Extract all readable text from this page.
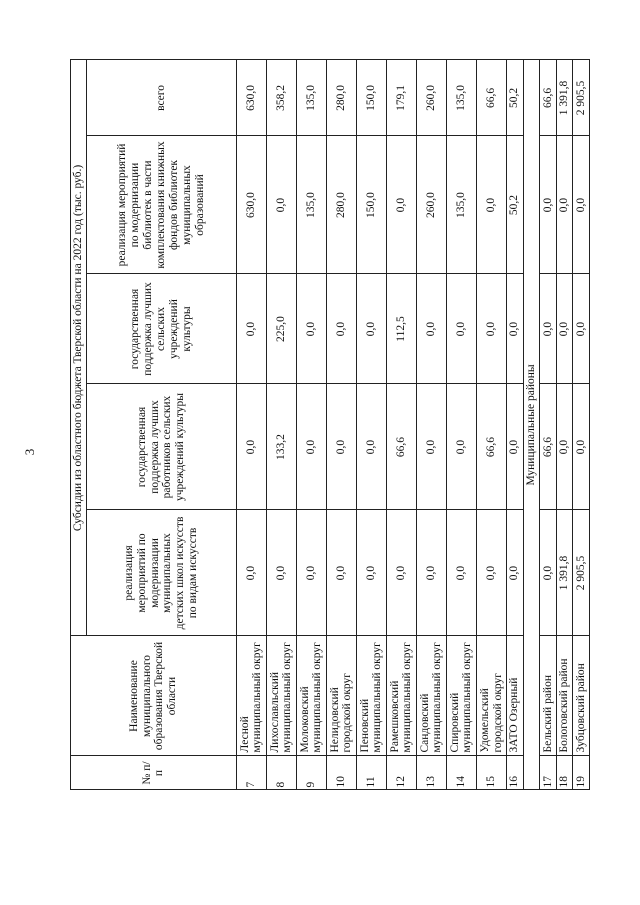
3
	№ п/п	Наименование муниципального образования Тверской области	Субсидии из областного бюджета Тверской области на 2022 год (тыс. руб.)				
			реализация мероприятий по модернизации муниципальных детских школ искусств по видам искусств	государственная поддержка лучших работников сельских учреждений культуры	государственная поддержка лучших сельских учреждений культуры	реализация мероприятий по модернизации библиотек в части комплектования книжных фондов библиотек муниципальных образований	всего
	7	Лесной муниципальный округ	0,0	0,0	0,0	630,0	630,0
	8	Лихославльский муниципальный округ	0,0	133,2	225,0	0,0	358,2
	9	Молоковский муниципальный округ	0,0	0,0	0,0	135,0	135,0
	10	Нелидовский городской округ	0,0	0,0	0,0	280,0	280,0
	11	Пеновский муниципальный округ	0,0	0,0	0,0	150,0	150,0
	12	Рамешковский муниципальный округ	0,0	66,6	112,5	0,0	179,1
	13	Сандовский муниципальный округ	0,0	0,0	0,0	260,0	260,0
	14	Спировский муниципальный округ	0,0	0,0	0,0	135,0	135,0
	15	Удомельский городской округ	0,0	66,6	0,0	0,0	66,6
	16	ЗАТО Озерный	0,0	0,0	0,0	50,2	50,2
	Муниципальные районы						
	17	Бельский район	0,0	66,6	0,0	0,0	66,6
	18	Бологовский район	1 391,8	0,0	0,0	0,0	1 391,8
	19	Зубцовский район	2 905,5	0,0	0,0	0,0	2 905,5
